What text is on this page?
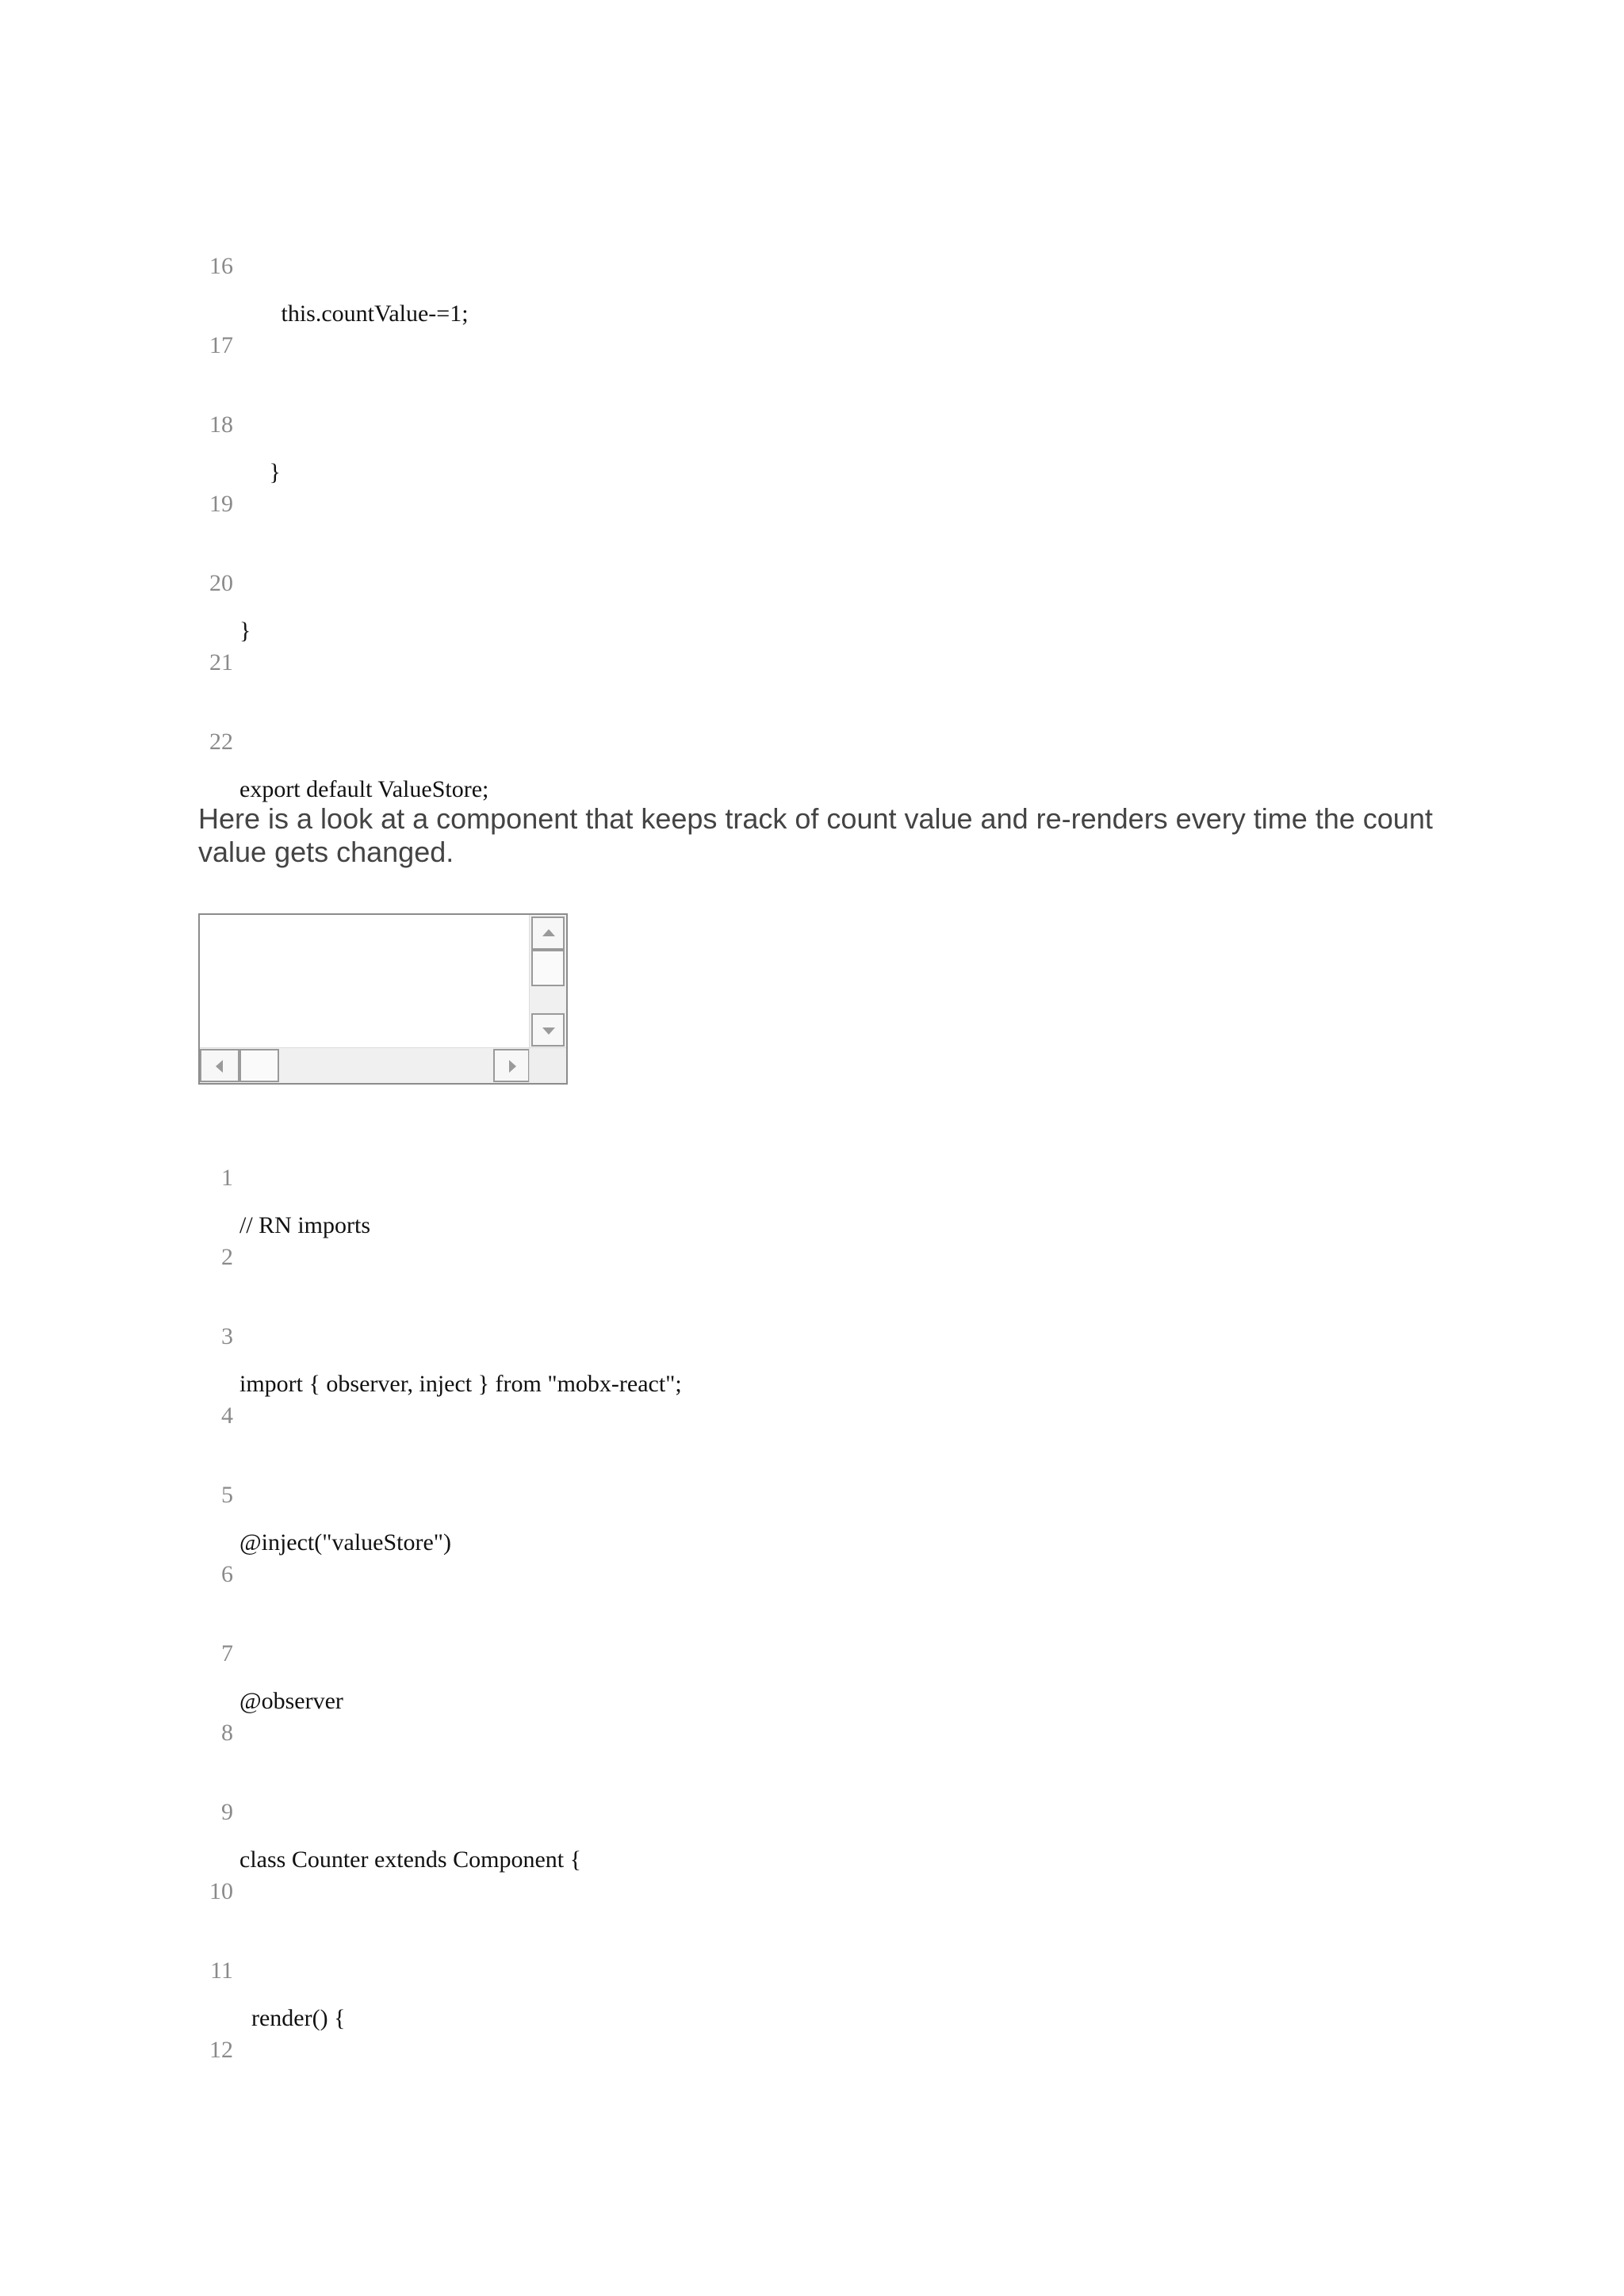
16

this.countValue-=1;

17

18

}

19

20

}

21

22

export default ValueStore;

Here is a look at a component that keeps track of count value and re-renders every time the count value gets changed.

1

// RN imports

2

3

import { observer, inject } from "mobx-react";

4

5

@inject("valueStore")

6

7

@observer

8

9

class Counter extends Component {

10

11

render() {

12
